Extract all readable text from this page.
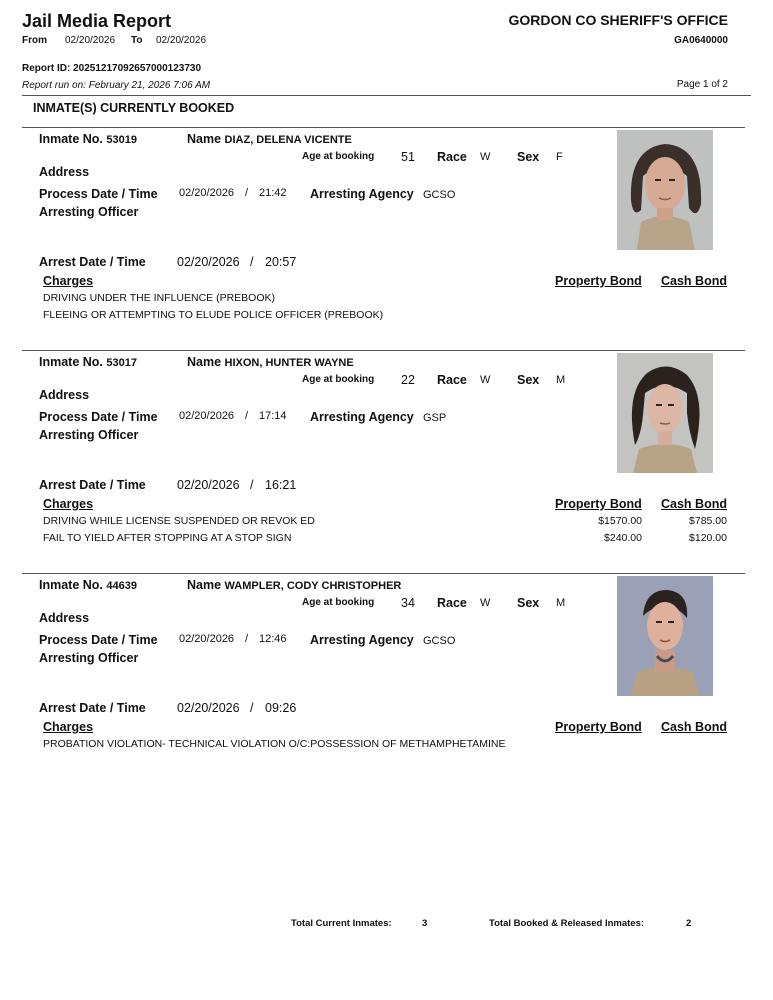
Jail Media Report
From 02/20/2026 To 02/20/2026
GORDON CO SHERIFF'S OFFICE
GA0640000
Report ID: 20251217092657000123730
Report run on: February 21, 2026 7:06 AM	Page 1 of 2
INMATE(S) CURRENTLY BOOKED
Inmate No. 53019	Name DIAZ, DELENA VICENTE
Age at booking 51 Race W Sex F
Address
Process Date / Time 02/20/2026 / 21:42 Arresting Agency GCSO
Arresting Officer
Arrest Date / Time 02/20/2026 / 20:57
Charges	Property Bond Cash Bond
DRIVING UNDER THE INFLUENCE (PREBOOK)
FLEEING OR ATTEMPTING TO ELUDE POLICE OFFICER (PREBOOK)
Inmate No. 53017	Name HIXON, HUNTER WAYNE
Age at booking 22 Race W Sex M
Address
Process Date / Time 02/20/2026 / 17:14 Arresting Agency GSP
Arresting Officer
Arrest Date / Time 02/20/2026 / 16:21
Charges	Property Bond Cash Bond
DRIVING WHILE LICENSE SUSPENDED OR REVOK ED	$1570.00	$785.00
FAIL TO YIELD AFTER STOPPING AT A STOP SIGN	$240.00	$120.00
Inmate No. 44639	Name WAMPLER, CODY CHRISTOPHER
Age at booking 34 Race W Sex M
Address
Process Date / Time 02/20/2026 / 12:46 Arresting Agency GCSO
Arresting Officer
Arrest Date / Time 02/20/2026 / 09:26
Charges	Property Bond Cash Bond
PROBATION VIOLATION- TECHNICAL VIOLATION O/C:POSSESSION OF METHAMPHETAMINE
Total Current Inmates:	3	Total Booked & Released Inmates:	2
